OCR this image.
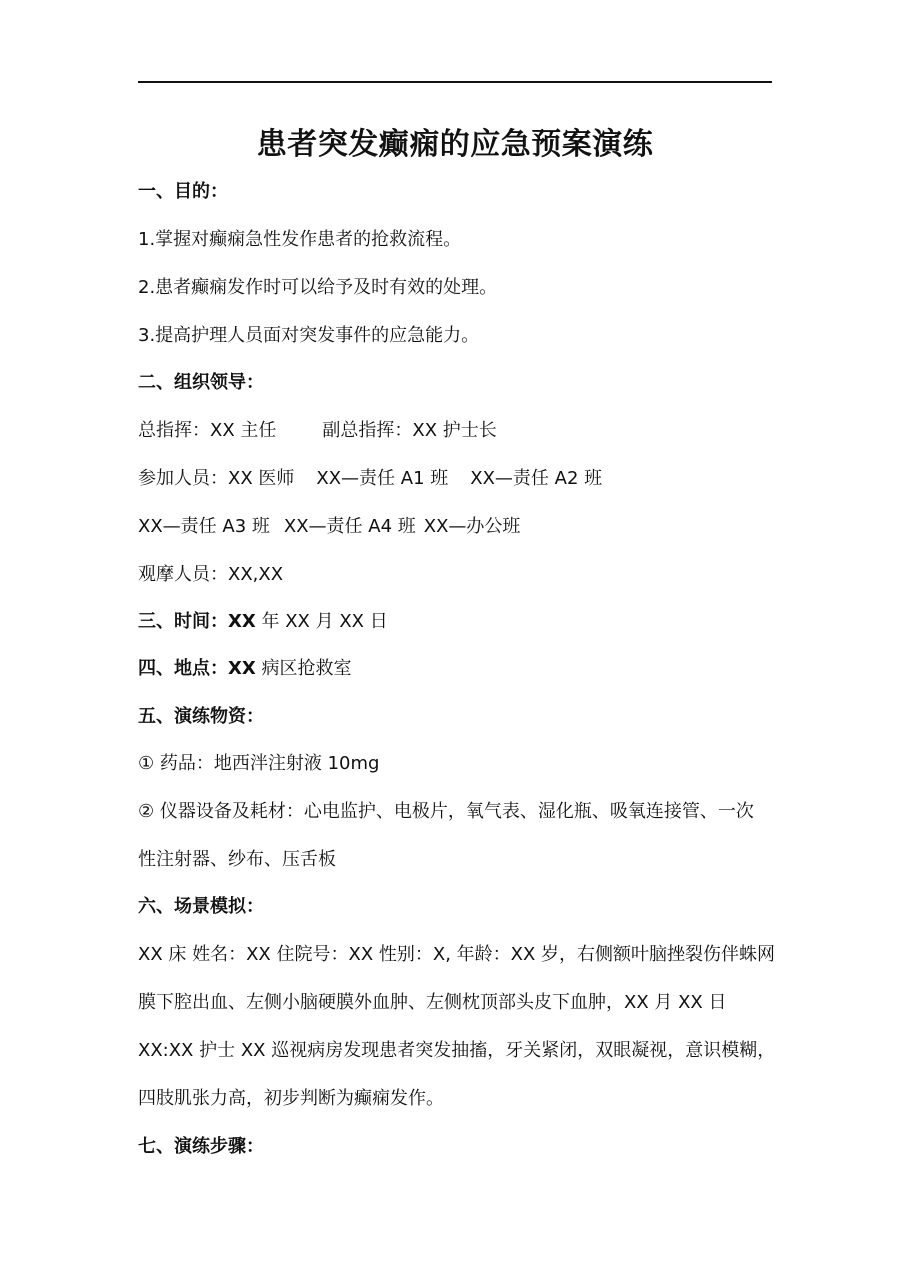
患者突发癫痫的应急预案演练
一、目的：
1.掌握对癫痫急性发作患者的抢救流程。
2.患者癫痫发作时可以给予及时有效的处理。
3.提高护理人员面对突发事件的应急能力。
二、组织领导：
总指挥：XX 主任	副总指挥：XX 护士长
参加人员：XX 医师 XX—责任 A1 班 XX—责任 A2 班
XX—责任 A3 班 XX—责任 A4 班 XX—办公班
观摩人员：XX,XX
三、时间：XX 年 XX 月 XX 日
四、地点：XX 病区抢救室
五、演练物资：
① 药品：地西泮注射液 10mg
② 仪器设备及耗材：心电监护、电极片，氧气表、湿化瓶、吸氧连接管、一次
性注射器、纱布、压舌板
六、场景模拟：
XX 床 姓名：XX 住院号：XX 性别：X, 年龄：XX 岁，右侧额叶脑挫裂伤伴蛛网
膜下腔出血、左侧小脑硬膜外血肿、左侧枕顶部头皮下血肿，XX 月 XX 日
XX:XX 护士 XX 巡视病房发现患者突发抽搐，牙关紧闭，双眼凝视，意识模糊，
四肢肌张力高，初步判断为癫痫发作。
七、演练步骤：
